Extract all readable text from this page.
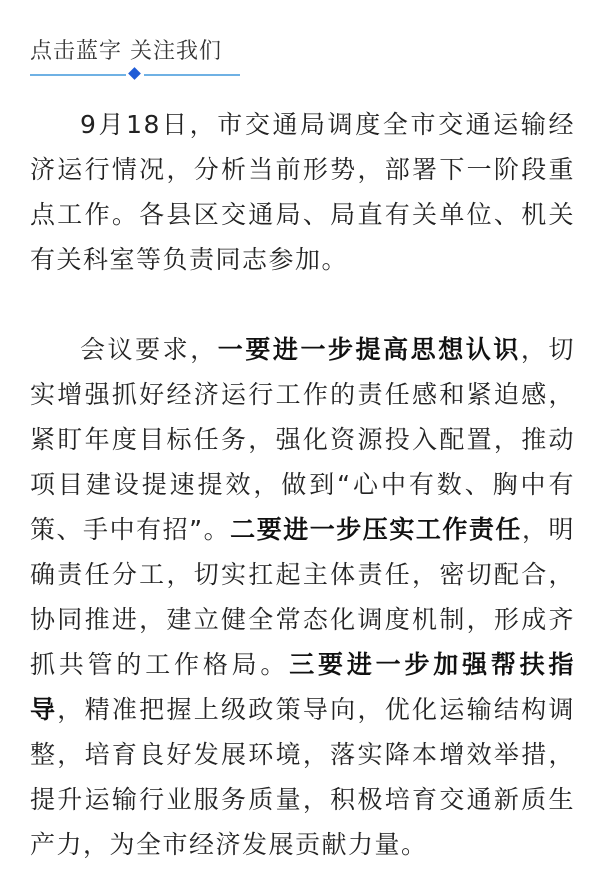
点击蓝字 关注我们

9月18日，市交通局调度全市交通运输经济运行情况，分析当前形势，部署下一阶段重点工作。各县区交通局、局直有关单位、机关有关科室等负责同志参加。

会议要求，一要进一步提高思想认识，切实增强抓好经济运行工作的责任感和紧迫感，紧盯年度目标任务，强化资源投入配置，推动项目建设提速提效，做到“心中有数、胸中有策、手中有招”。二要进一步压实工作责任，明确责任分工，切实扛起主体责任，密切配合，协同推进，建立健全常态化调度机制，形成齐抓共管的工作格局。三要进一步加强帮扶指导，精准把握上级政策导向，优化运输结构调整，培育良好发展环境，落实降本增效举措，提升运输行业服务质量，积极培育交通新质生产力，为全市经济发展贡献力量。
